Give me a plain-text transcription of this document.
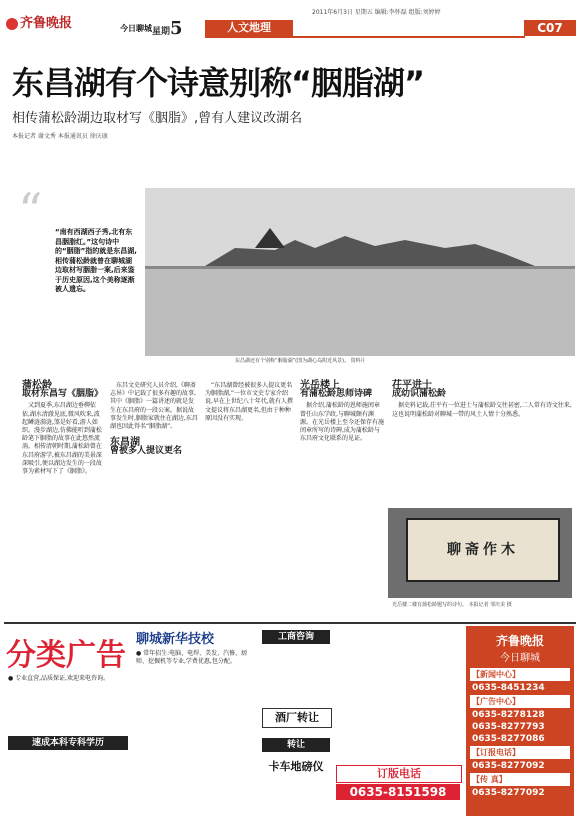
齐鲁晚报
2011年6月3日 星期五 编辑:李怀磊 组版:刘婷婷
今日聊城 星期5	人文地理	C07
东昌湖有个诗意别称“胭脂湖”
相传蒲松龄湖边取材写《胭脂》,曾有人建议改湖名
本报记者 谢文秀 本报通讯员 徐庆康
“ “南有西湖西子秀,北有东昌胭脂红。”这句诗中的“胭脂”指的就是东昌湖,相传蒲松龄就曾在聊城湖边取材写胭脂一案,后来鉴于历史原因,这个美称逐渐被人遗忘。
东昌湖还有个别称“胭脂湖”(图为湖心岛附近风景)。 资料片
蒲松龄
取材东昌写《胭脂》

又到夏季,东昌湖边垂柳依依,湖水清澈见底,微风吹来,波起鳞涟漪涟,煞是好看,游人如织。漫步湖边,仿佛能听到蒲松龄笔下胭脂的故事在此悠然流淌。相传清朝时期,蒲松龄曾在东昌府游学,被东昌湖的美景深深吸引,便以湖边发生的一段故事为素材写下了《胭脂》。

东昌文史研究人员介绍,《聊斋志异》中记载了很多有趣的故事,其中《胭脂》一篇讲述的就是发生在东昌府的一段公案。据说故事发生时,胭脂家就住在湖边,东昌湖也因此得名“胭脂湖”。

东昌湖
曾被多人提议更名

“东昌湖曾经被很多人提议更名为胭脂湖,”一位市文史专家介绍说,早在上世纪八十年代,就有人撰文提议将东昌湖更名,但由于种种原因没有实现。

光岳楼上
有蒲松龄思师诗碑

据介绍,蒲松龄的恩师施闰章曾任山东学政,与聊城颇有渊源。在光岳楼上至今还保存有施闰章所写的诗碑,成为蒲松龄与东昌府文化联系的见证。

茌平进士
成幼识蒲松龄

据史料记载,茌平有一位进士与蒲松龄交往甚密,二人常有诗文往来,这也说明蒲松龄对聊城一带的风土人情十分熟悉。

聊斋作木
光岳楼二楼有蒲松龄题写的诗句。 本报记者 邹庆美 摄
分类广告
● 专业直营,品质保证,欢迎来电咨询。
速成本科专科学历
聊城新华技校
● 常年招生:电脑、电焊、美发、汽修、厨师、挖掘机等专业,学费优惠,包分配。
工商咨询
酒厂转让
转让
卡车地磅仪
订版电话
0635-8151598
齐鲁晚报
今日聊城
【新闻中心】
0635-8451234
【广告中心】
0635-8278128
0635-8277793
0635-8277086
【订报电话】
0635-8277092
【传 真】
0635-8277092
